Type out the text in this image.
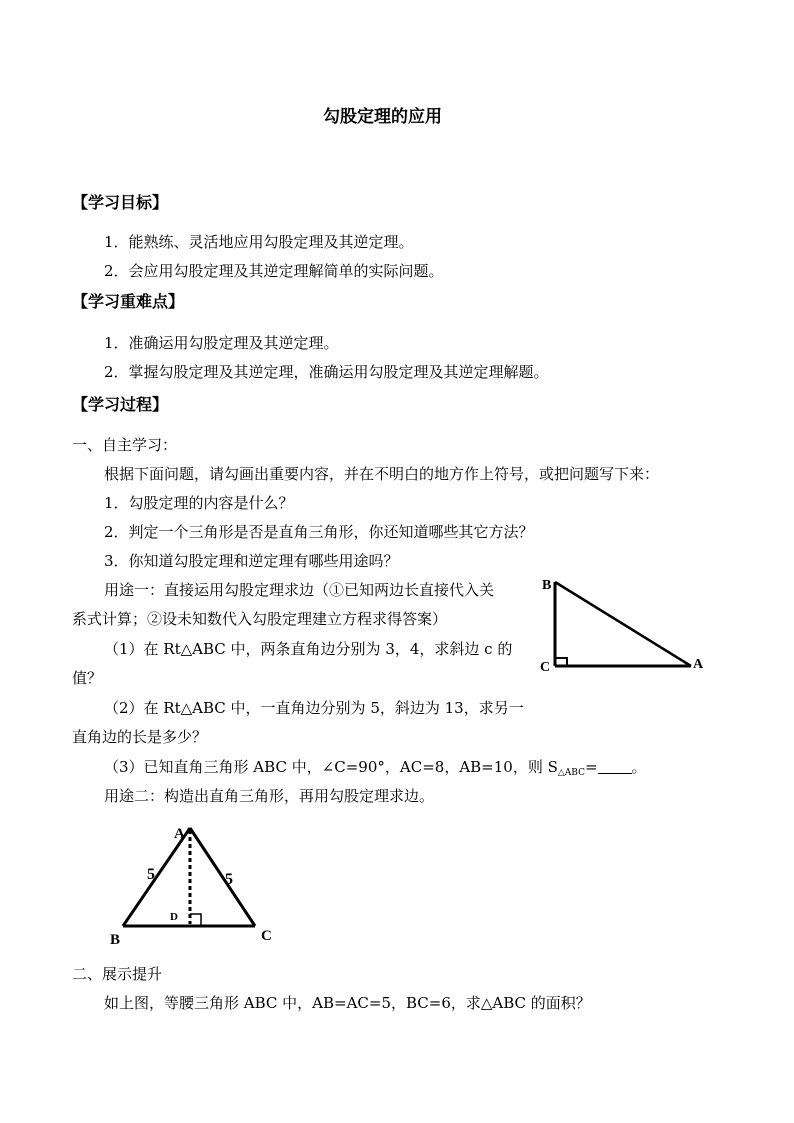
勾股定理的应用
【学习目标】
1．能熟练、灵活地应用勾股定理及其逆定理。
2．会应用勾股定理及其逆定理解简单的实际问题。
【学习重难点】
1．准确运用勾股定理及其逆定理。
2．掌握勾股定理及其逆定理，准确运用勾股定理及其逆定理解题。
【学习过程】
一、自主学习：
根据下面问题，请勾画出重要内容，并在不明白的地方作上符号，或把问题写下来：
1．勾股定理的内容是什么？
2．判定一个三角形是否是直角三角形，你还知道哪些其它方法？
3．你知道勾股定理和逆定理有哪些用途吗？
用途一：直接运用勾股定理求边（①已知两边长直接代入关
系式计算；②设未知数代入勾股定理建立方程求得答案）
（1）在 Rt△ABC 中，两条直角边分别为 3，4，求斜边 c 的
值？
（2）在 Rt△ABC 中，一直角边分别为 5，斜边为 13，求另一
直角边的长是多少？
（3）已知直角三角形 ABC 中，∠C=90°，AC=8，AB=10，则 $S_{\triangle ABC}=$ 。
用途二：构造出直角三角形，再用勾股定理求边。
二、展示提升
如上图，等腰三角形 ABC 中，AB=AC=5，BC=6，求△ABC 的面积？
B
C	A
A
B	C
D
5	5
